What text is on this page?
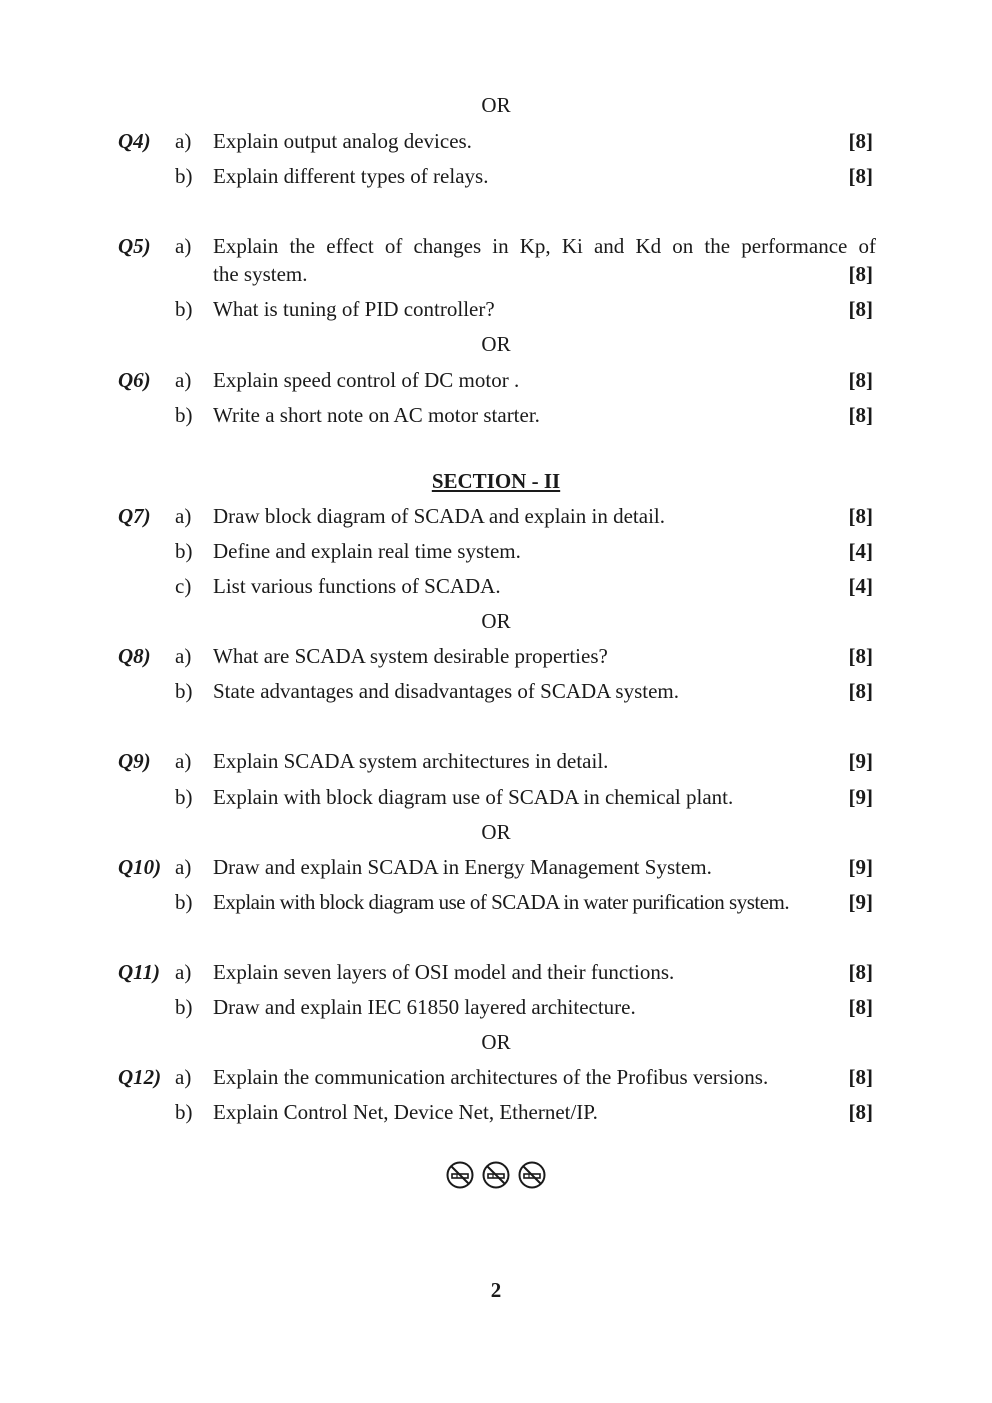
OR
Q4) a) Explain output analog devices.	[8]
b) Explain different types of relays.	[8]
Q5) a) Explain the effect of changes in Kp, Ki and Kd on the performance of
the system.	[8]
b) What is tuning of PID controller?	[8]
OR
Q6) a) Explain speed control of DC motor .	[8]
b) Write a short note on AC motor starter.	[8]
SECTION - II
Q7) a) Draw block diagram of SCADA and explain in detail.	[8]
b) Define and explain real time system.	[4]
c) List various functions of SCADA.	[4]
OR
Q8) a) What are SCADA system desirable properties?	[8]
b) State advantages and disadvantages of SCADA system.	[8]
Q9) a) Explain SCADA system architectures in detail.	[9]
b) Explain with block diagram use of SCADA in chemical plant.	[9]
OR
Q10) a) Draw and explain SCADA in Energy Management System.	[9]
b) Explain with block diagram use of SCADA in water purification system.	[9]
Q11) a) Explain seven layers of OSI model and their functions.	[8]
b) Draw and explain IEC 61850 layered architecture.	[8]
OR
Q12) a) Explain the communication architectures of the Profibus versions.	[8]
b) Explain Control Net, Device Net, Ethernet/IP.	[8]

2
